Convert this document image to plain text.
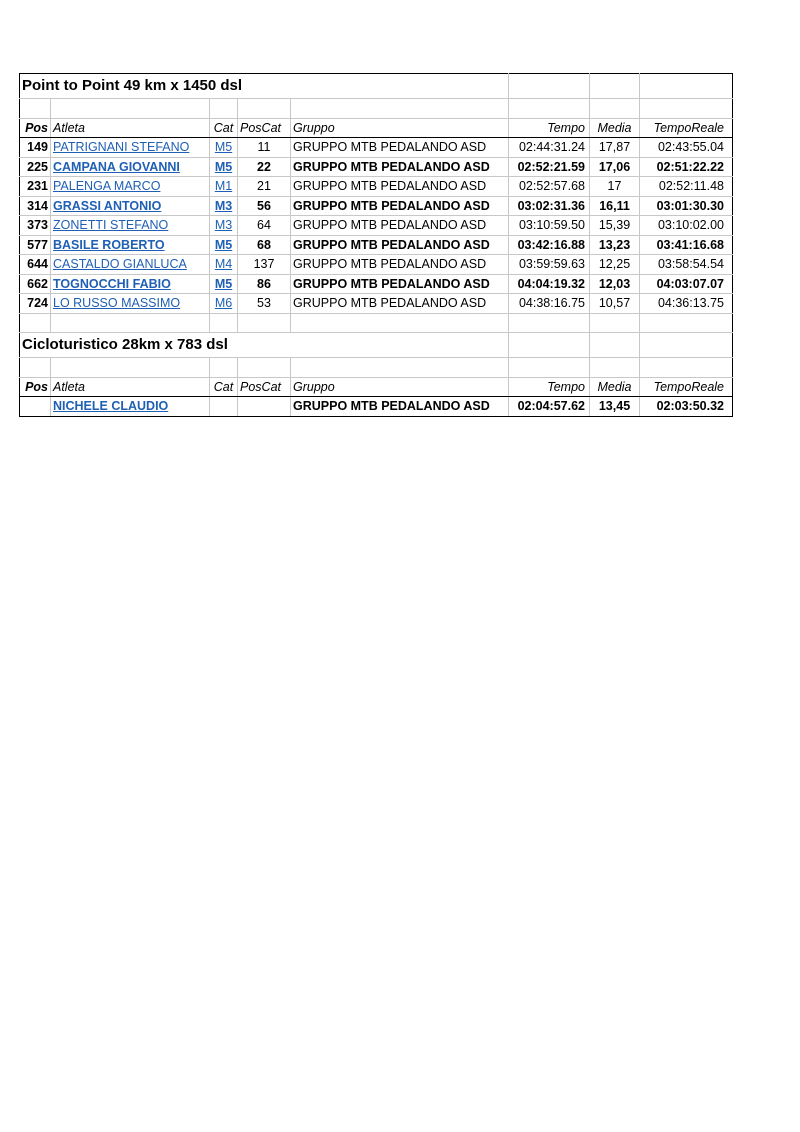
Point to Point 49 km x 1450 dsl							

Pos	Atleta	Cat	PosCat	Gruppo	Tempo	Media	TempoReale
149	PATRIGNANI STEFANO	M5	11	GRUPPO MTB PEDALANDO ASD	02:44:31.24	17,87	02:43:55.04
225	CAMPANA GIOVANNI	M5	22	GRUPPO MTB PEDALANDO ASD	02:52:21.59	17,06	02:51:22.22
231	PALENGA MARCO	M1	21	GRUPPO MTB PEDALANDO ASD	02:52:57.68	17	02:52:11.48
314	GRASSI ANTONIO	M3	56	GRUPPO MTB PEDALANDO ASD	03:02:31.36	16,11	03:01:30.30
373	ZONETTI STEFANO	M3	64	GRUPPO MTB PEDALANDO ASD	03:10:59.50	15,39	03:10:02.00
577	BASILE ROBERTO	M5	68	GRUPPO MTB PEDALANDO ASD	03:42:16.88	13,23	03:41:16.68
644	CASTALDO GIANLUCA	M4	137	GRUPPO MTB PEDALANDO ASD	03:59:59.63	12,25	03:58:54.54
662	TOGNOCCHI FABIO	M5	86	GRUPPO MTB PEDALANDO ASD	04:04:19.32	12,03	04:03:07.07
724	LO RUSSO MASSIMO	M6	53	GRUPPO MTB PEDALANDO ASD	04:38:16.75	10,57	04:36:13.75

Cicloturistico 28km x 783 dsl							

Pos	Atleta	Cat	PosCat	Gruppo	Tempo	Media	TempoReale
	NICHELE CLAUDIO			GRUPPO MTB PEDALANDO ASD	02:04:57.62	13,45	02:03:50.32
